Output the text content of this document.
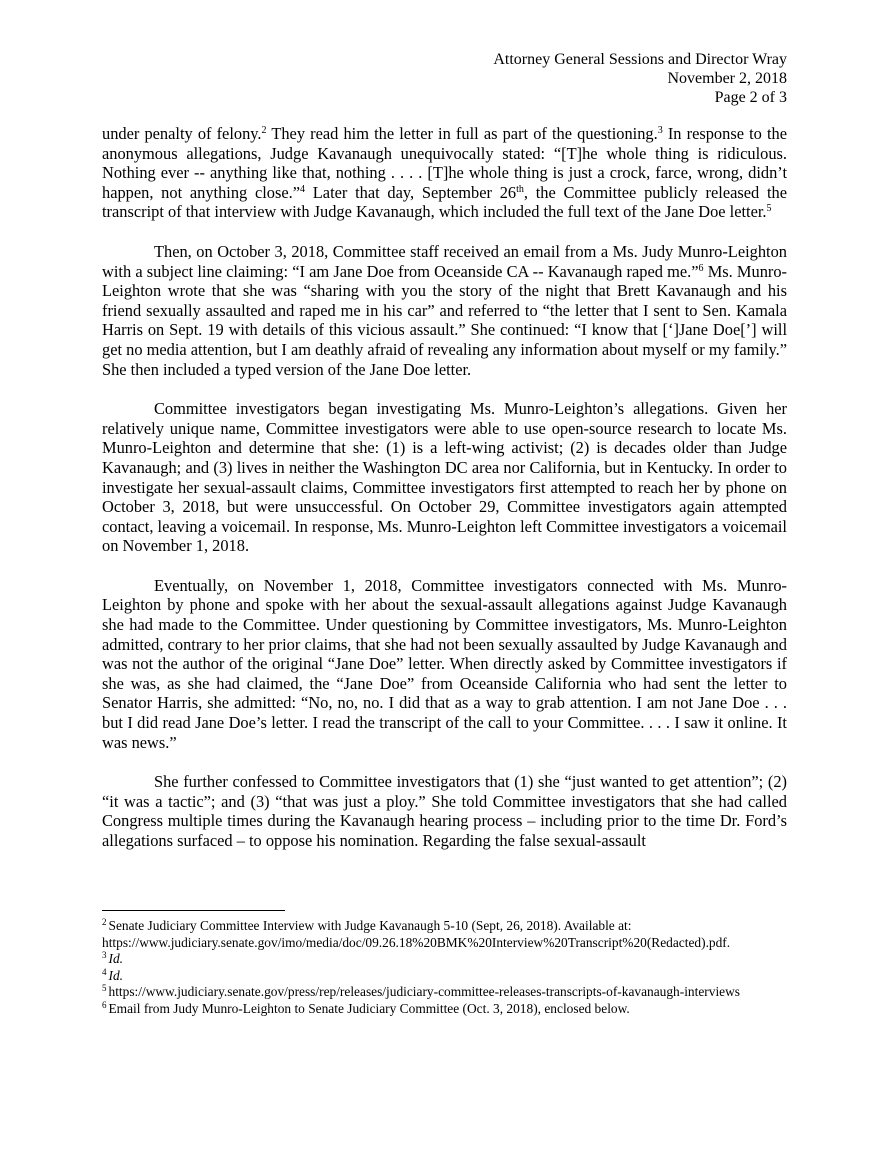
Attorney General Sessions and Director Wray
November 2, 2018
Page 2 of 3

under penalty of felony.$^2$ They read him the letter in full as part of the questioning.$^3$ In response to the anonymous allegations, Judge Kavanaugh unequivocally stated: “[T]he whole thing is ridiculous. Nothing ever -- anything like that, nothing . . . . [T]he whole thing is just a crock, farce, wrong, didn’t happen, not anything close.”$^4$ Later that day, September 26th, the Committee publicly released the transcript of that interview with Judge Kavanaugh, which included the full text of the Jane Doe letter.$^5$

Then, on October 3, 2018, Committee staff received an email from a Ms. Judy Munro-Leighton with a subject line claiming: “I am Jane Doe from Oceanside CA -- Kavanaugh raped me.”$^6$ Ms. Munro-Leighton wrote that she was “sharing with you the story of the night that Brett Kavanaugh and his friend sexually assaulted and raped me in his car” and referred to “the letter that I sent to Sen. Kamala Harris on Sept. 19 with details of this vicious assault.” She continued: “I know that [‘]Jane Doe[’] will get no media attention, but I am deathly afraid of revealing any information about myself or my family.” She then included a typed version of the Jane Doe letter.

Committee investigators began investigating Ms. Munro-Leighton’s allegations. Given her relatively unique name, Committee investigators were able to use open-source research to locate Ms. Munro-Leighton and determine that she: (1) is a left-wing activist; (2) is decades older than Judge Kavanaugh; and (3) lives in neither the Washington DC area nor California, but in Kentucky. In order to investigate her sexual-assault claims, Committee investigators first attempted to reach her by phone on October 3, 2018, but were unsuccessful. On October 29, Committee investigators again attempted contact, leaving a voicemail. In response, Ms. Munro-Leighton left Committee investigators a voicemail on November 1, 2018.

Eventually, on November 1, 2018, Committee investigators connected with Ms. Munro-Leighton by phone and spoke with her about the sexual-assault allegations against Judge Kavanaugh she had made to the Committee. Under questioning by Committee investigators, Ms. Munro-Leighton admitted, contrary to her prior claims, that she had not been sexually assaulted by Judge Kavanaugh and was not the author of the original “Jane Doe” letter. When directly asked by Committee investigators if she was, as she had claimed, the “Jane Doe” from Oceanside California who had sent the letter to Senator Harris, she admitted: “No, no, no. I did that as a way to grab attention. I am not Jane Doe . . . but I did read Jane Doe’s letter. I read the transcript of the call to your Committee. . . . I saw it online. It was news.”

She further confessed to Committee investigators that (1) she “just wanted to get attention”; (2) “it was a tactic”; and (3) “that was just a ploy.” She told Committee investigators that she had called Congress multiple times during the Kavanaugh hearing process – including prior to the time Dr. Ford’s allegations surfaced – to oppose his nomination. Regarding the false sexual-assault

$^2$ Senate Judiciary Committee Interview with Judge Kavanaugh 5-10 (Sept, 26, 2018). Available at:
https://www.judiciary.senate.gov/imo/media/doc/09.26.18%20BMK%20Interview%20Transcript%20(Redacted).pdf.

$^3$ Id.

$^4$ Id.

$^5$ https://www.judiciary.senate.gov/press/rep/releases/judiciary-committee-releases-transcripts-of-kavanaugh-interviews

$^6$ Email from Judy Munro-Leighton to Senate Judiciary Committee (Oct. 3, 2018), enclosed below.
